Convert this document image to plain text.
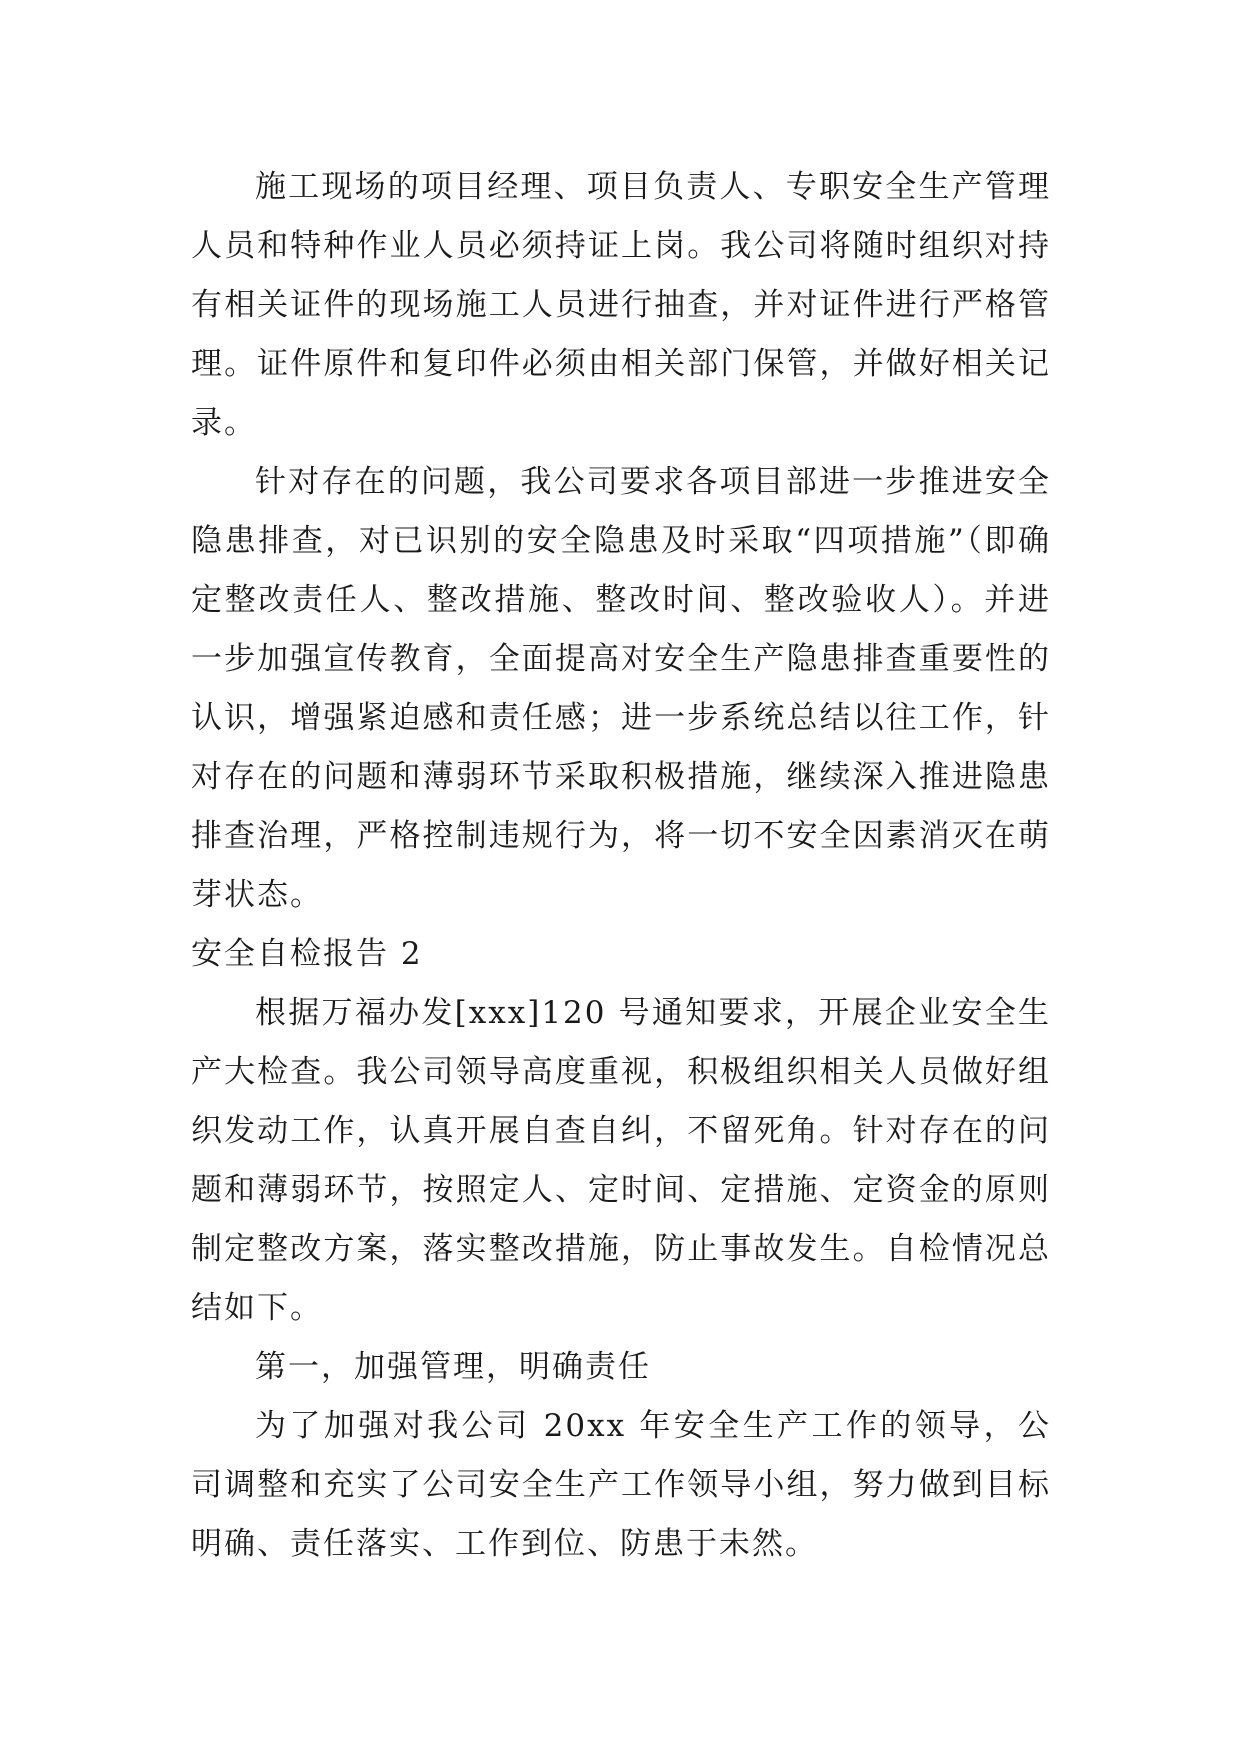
施工现场的项目经理、项目负责人、专职安全生产管理人员和特种作业人员必须持证上岗。我公司将随时组织对持有相关证件的现场施工人员进行抽查，并对证件进行严格管理。证件原件和复印件必须由相关部门保管，并做好相关记录。

针对存在的问题，我公司要求各项目部进一步推进安全隐患排查，对已识别的安全隐患及时采取“四项措施”（即确定整改责任人、整改措施、整改时间、整改验收人）。并进一步加强宣传教育，全面提高对安全生产隐患排查重要性的认识，增强紧迫感和责任感；进一步系统总结以往工作，针对存在的问题和薄弱环节采取积极措施，继续深入推进隐患排查治理，严格控制违规行为，将一切不安全因素消灭在萌芽状态。

安全自检报告 2

根据万福办发[xxx]120 号通知要求，开展企业安全生产大检查。我公司领导高度重视，积极组织相关人员做好组织发动工作，认真开展自查自纠，不留死角。针对存在的问题和薄弱环节，按照定人、定时间、定措施、定资金的原则制定整改方案，落实整改措施，防止事故发生。自检情况总结如下。

第一，加强管理，明确责任

为了加强对我公司 20xx 年安全生产工作的领导，公司调整和充实了公司安全生产工作领导小组，努力做到目标明确、责任落实、工作到位、防患于未然。
